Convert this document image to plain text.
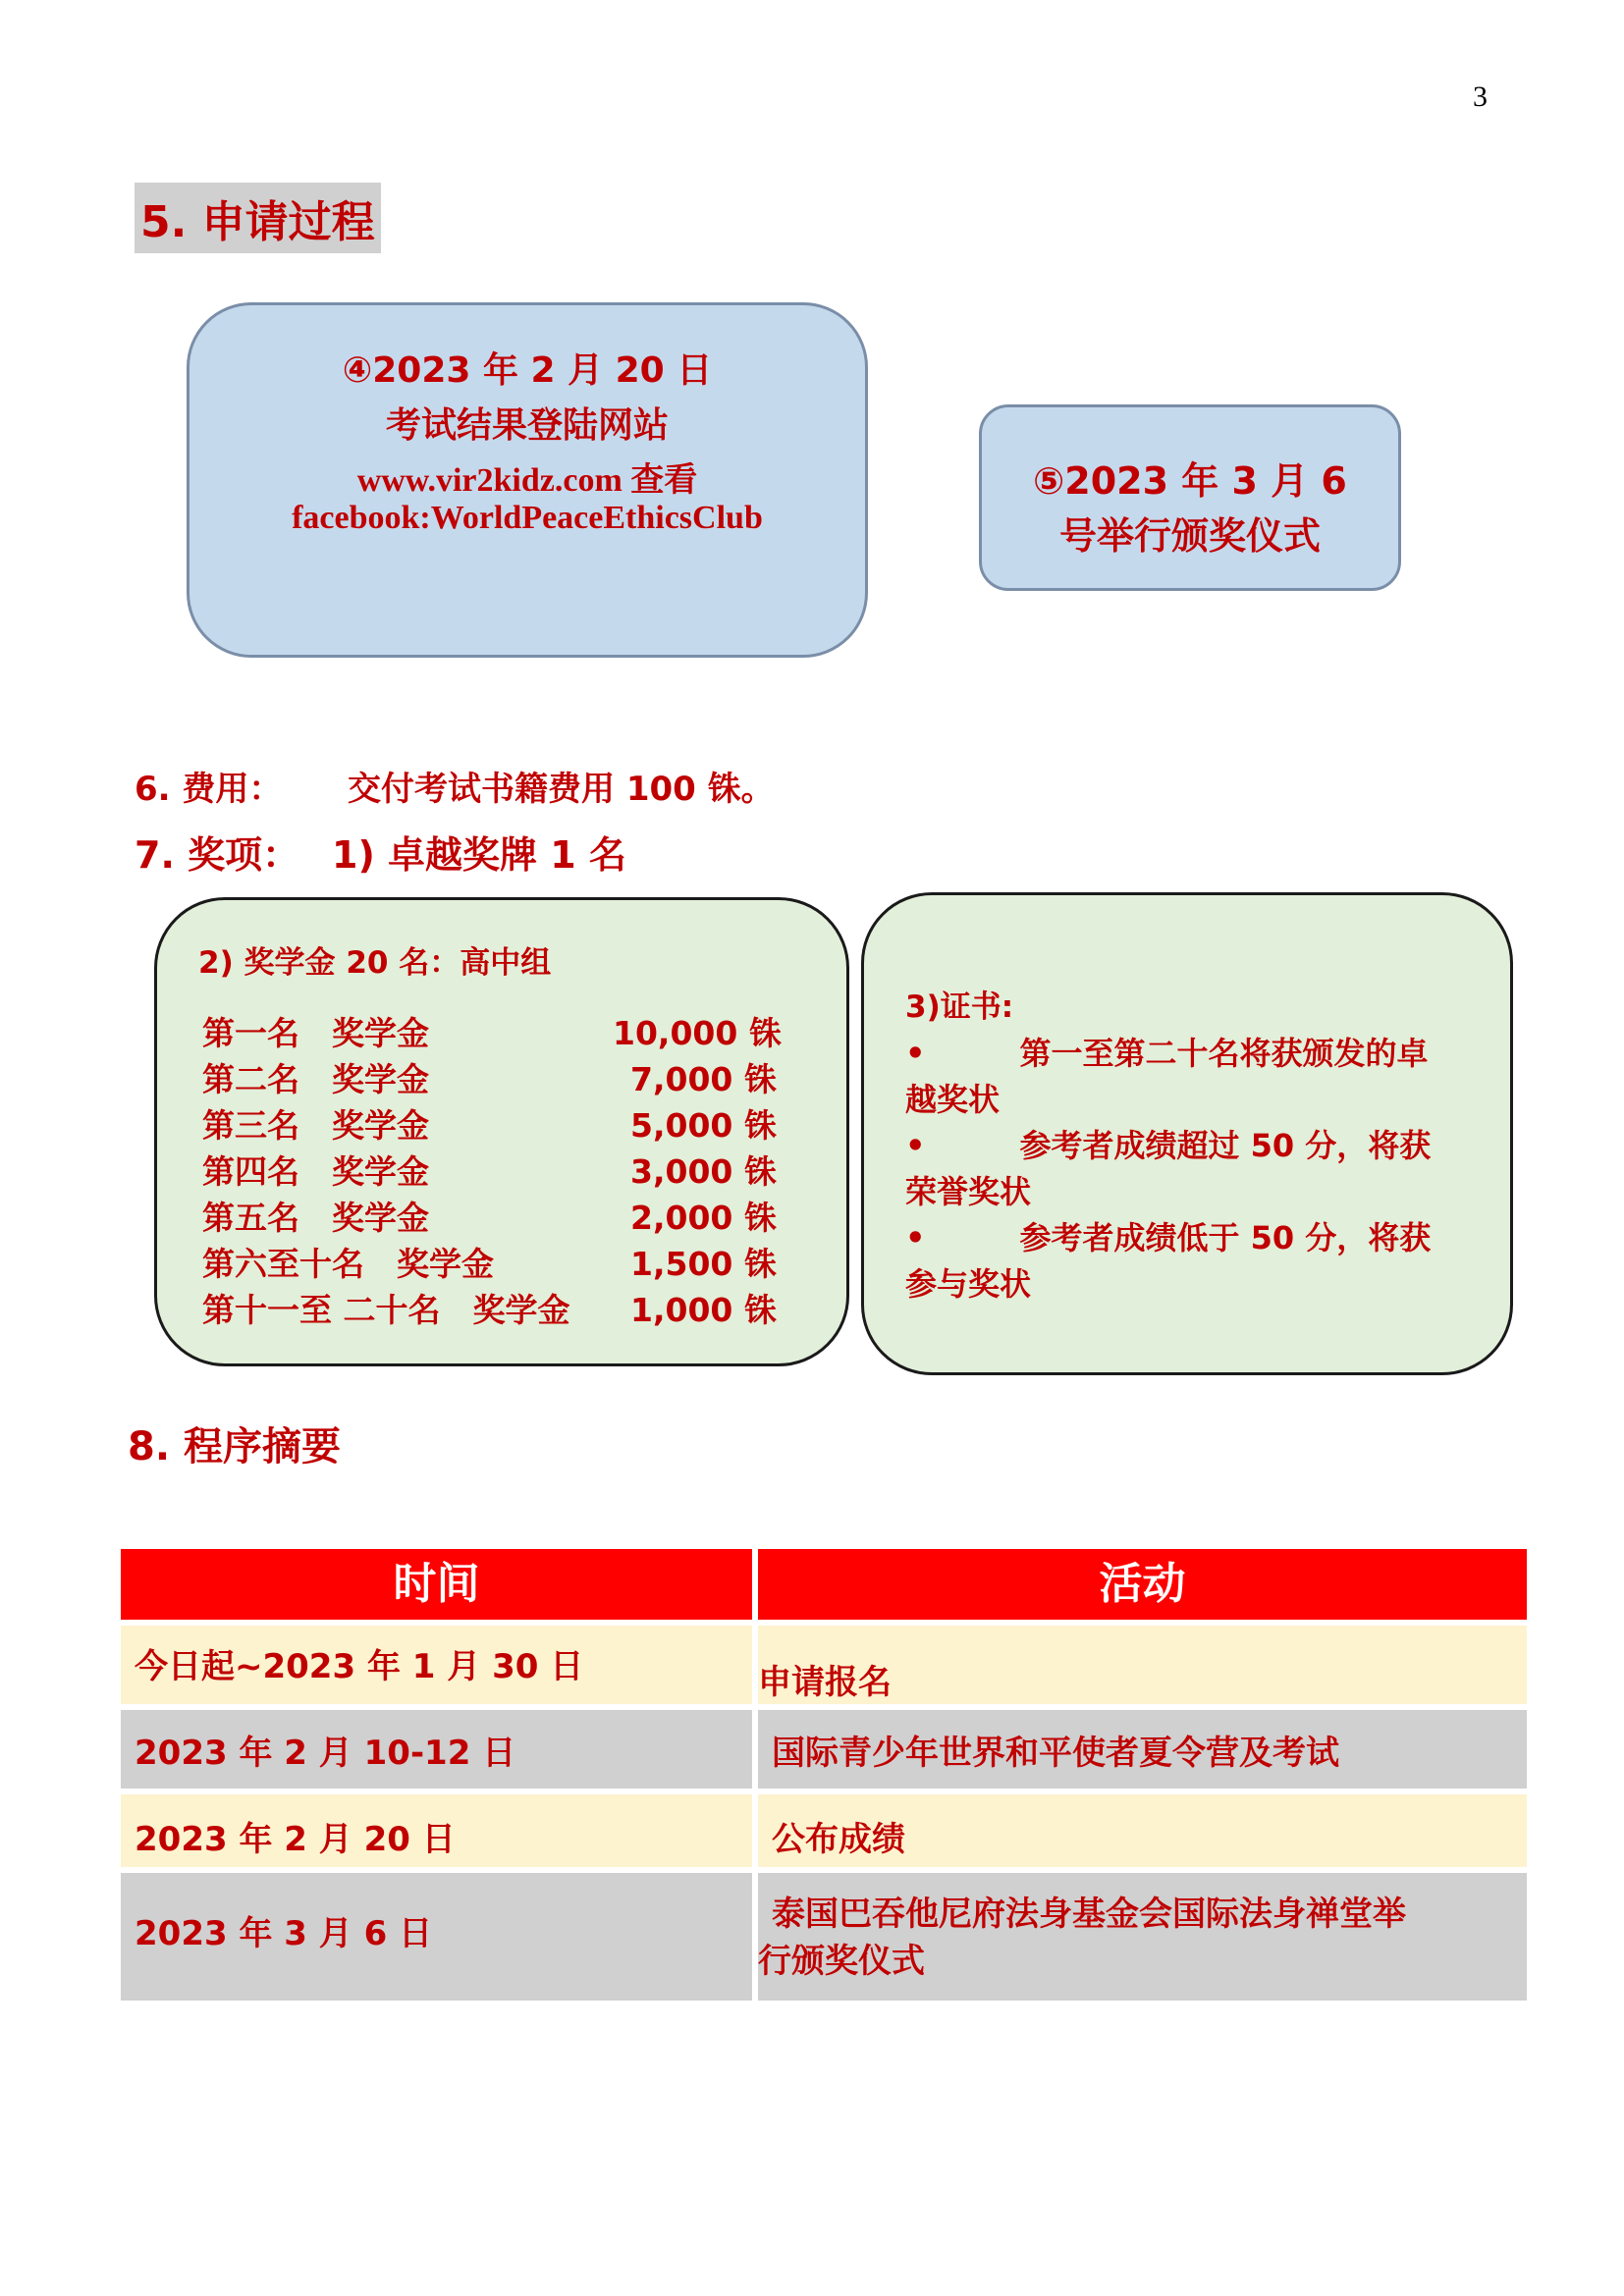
3
5. 申请过程
④2023 年 2 月 20 日
考试结果登陆网站
www.vir2kidz.com 查看
facebook:WorldPeaceEthicsClub
⑤2023 年 3 月 6
号举行颁奖仪式
6. 费用： 交付考试书籍费用 100 铢。
7. 奖项： 1) 卓越奖牌 1 名
2) 奖学金 20 名：高中组
第一名　奖学金	10,000 铢
第二名　奖学金	7,000 铢
第三名　奖学金	5,000 铢
第四名　奖学金	3,000 铢
第五名　奖学金	2,000 铢
第六至十名　奖学金	1,500 铢
第十一至 二十名　奖学金 1,000 铢
3)证书:
•　　　第一至第二十名将获颁发的卓
越奖状
•　　　参考者成绩超过 50 分，将获
荣誉奖状
•　　　参考者成绩低于 50 分，将获
参与奖状
8. 程序摘要
时间	活动
今日起~2023 年 1 月 30 日	申请报名
2023 年 2 月 10-12 日	国际青少年世界和平使者夏令营及考试
2023 年 2 月 20 日	公布成绩
2023 年 3 月 6 日	泰国巴吞他尼府法身基金会国际法身禅堂举
行颁奖仪式
